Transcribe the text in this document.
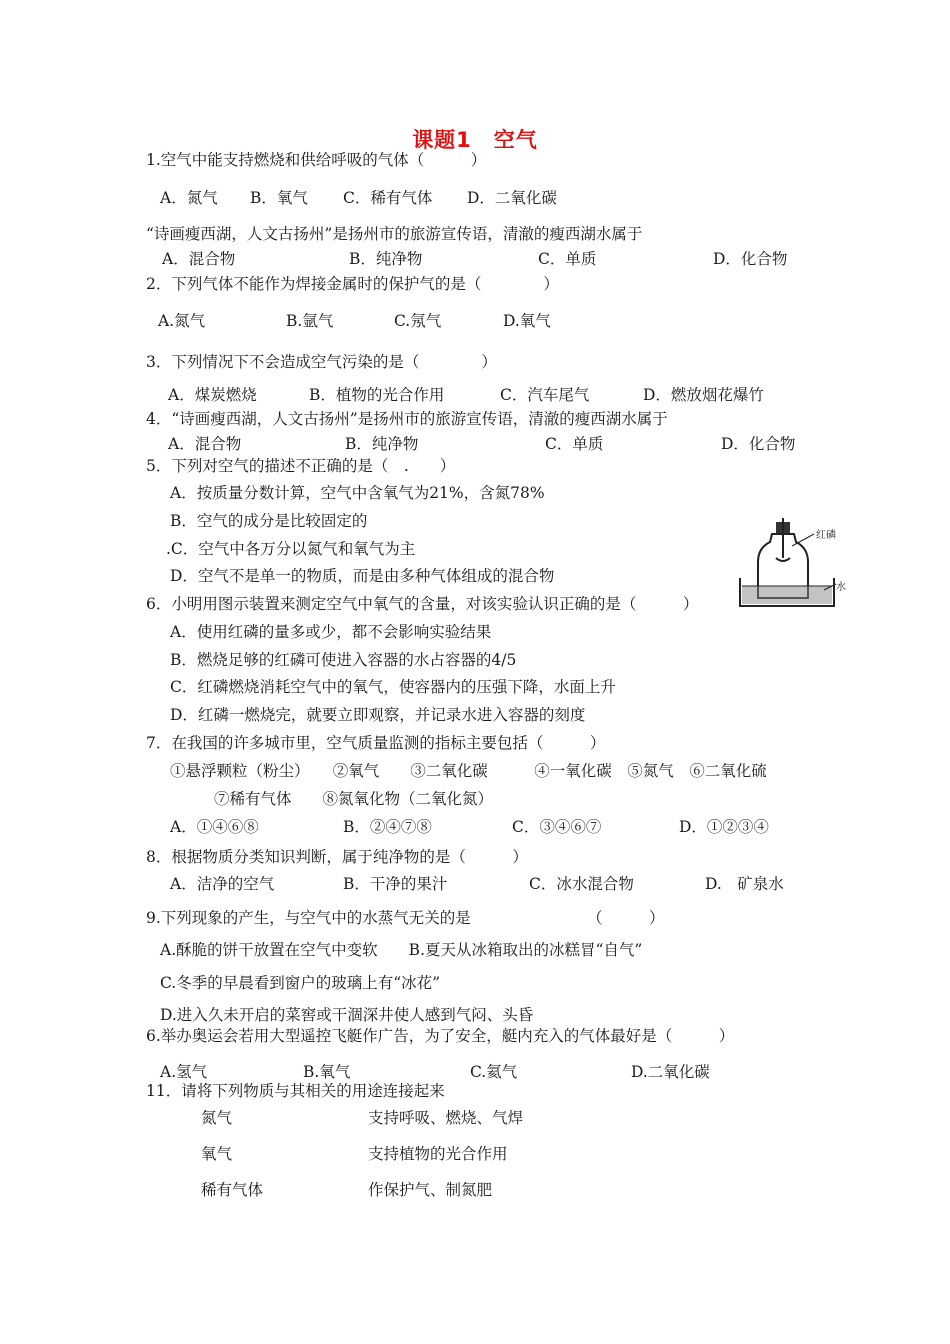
课题1　空气
1.空气中能支持燃烧和供给呼吸的气体（　　　）
“诗画瘦西湖，人文古扬州”是扬州市的旅游宣传语，清澈的瘦西湖水属于
2．下列气体不能作为焊接金属时的保护气的是（　　　　）
3．下列情况下不会造成空气污染的是（　　　　）
4．“诗画瘦西湖，人文古扬州”是扬州市的旅游宣传语，清澈的瘦西湖水属于
5．下列对空气的描述不正确的是（　.　　）
A．按质量分数计算，空气中含氧气为21%，含氮78%
B．空气的成分是比较固定的
.C．空气中各万分以氮气和氧气为主
D．空气不是单一的物质，而是由多种气体组成的混合物
6．小明用图示装置来测定空气中氧气的含量，对该实验认识正确的是（　　　）
A．使用红磷的量多或少，都不会影响实验结果
B．燃烧足够的红磷可使进入容器的水占容器的4/5
C．红磷燃烧消耗空气中的氧气，使容器内的压强下降，水面上升
D．红磷一燃烧完，就要立即观察，并记录水进入容器的刻度
7．在我国的许多城市里，空气质量监测的指标主要包括（　　　）
①悬浮颗粒（粉尘）　　②氧气　　③二氧化碳　　　④一氧化碳　⑤氮气　⑥二氧化硫
⑦稀有气体　　⑧氮氧化物（二氧化氮）
8．根据物质分类知识判断，属于纯净物的是（　　　）
9.下列现象的产生，与空气中的水蒸气无关的是　　　　　　　　（　　　）
A.酥脆的饼干放置在空气中变软　　B.夏天从冰箱取出的冰糕冒“自气”
C.冬季的早晨看到窗户的玻璃上有“冰花”
D.进入久未开启的菜窖或干涸深井使人感到气闷、头昏
6.举办奥运会若用大型遥控飞艇作广告，为了安全，艇内充入的气体最好是（　　　）
11．请将下列物质与其相关的用途连接起来
A．氮气 B．氧气 C．稀有气体 D．二氧化碳
A．混合物	B．纯净物	C．单质	D．化合物
A.氮气	B.氩气	C.氖气	D.氧气
A．煤炭燃烧	B．植物的光合作用	C．汽车尾气	D．燃放烟花爆竹
A．混合物	B．纯净物	C．单质	D．化合物
A．①④⑥⑧	B．②④⑦⑧	C．③④⑥⑦	D．①②③④
A．洁净的空气	B．干净的果汁	C．冰水混合物	D.　矿泉水
A.氢气	B.氧气	C.氦气	D.二氧化碳
氮气	支持呼吸、燃烧、气焊
氧气	支持植物的光合作用
稀有气体	作保护气、制氮肥
红磷
水
